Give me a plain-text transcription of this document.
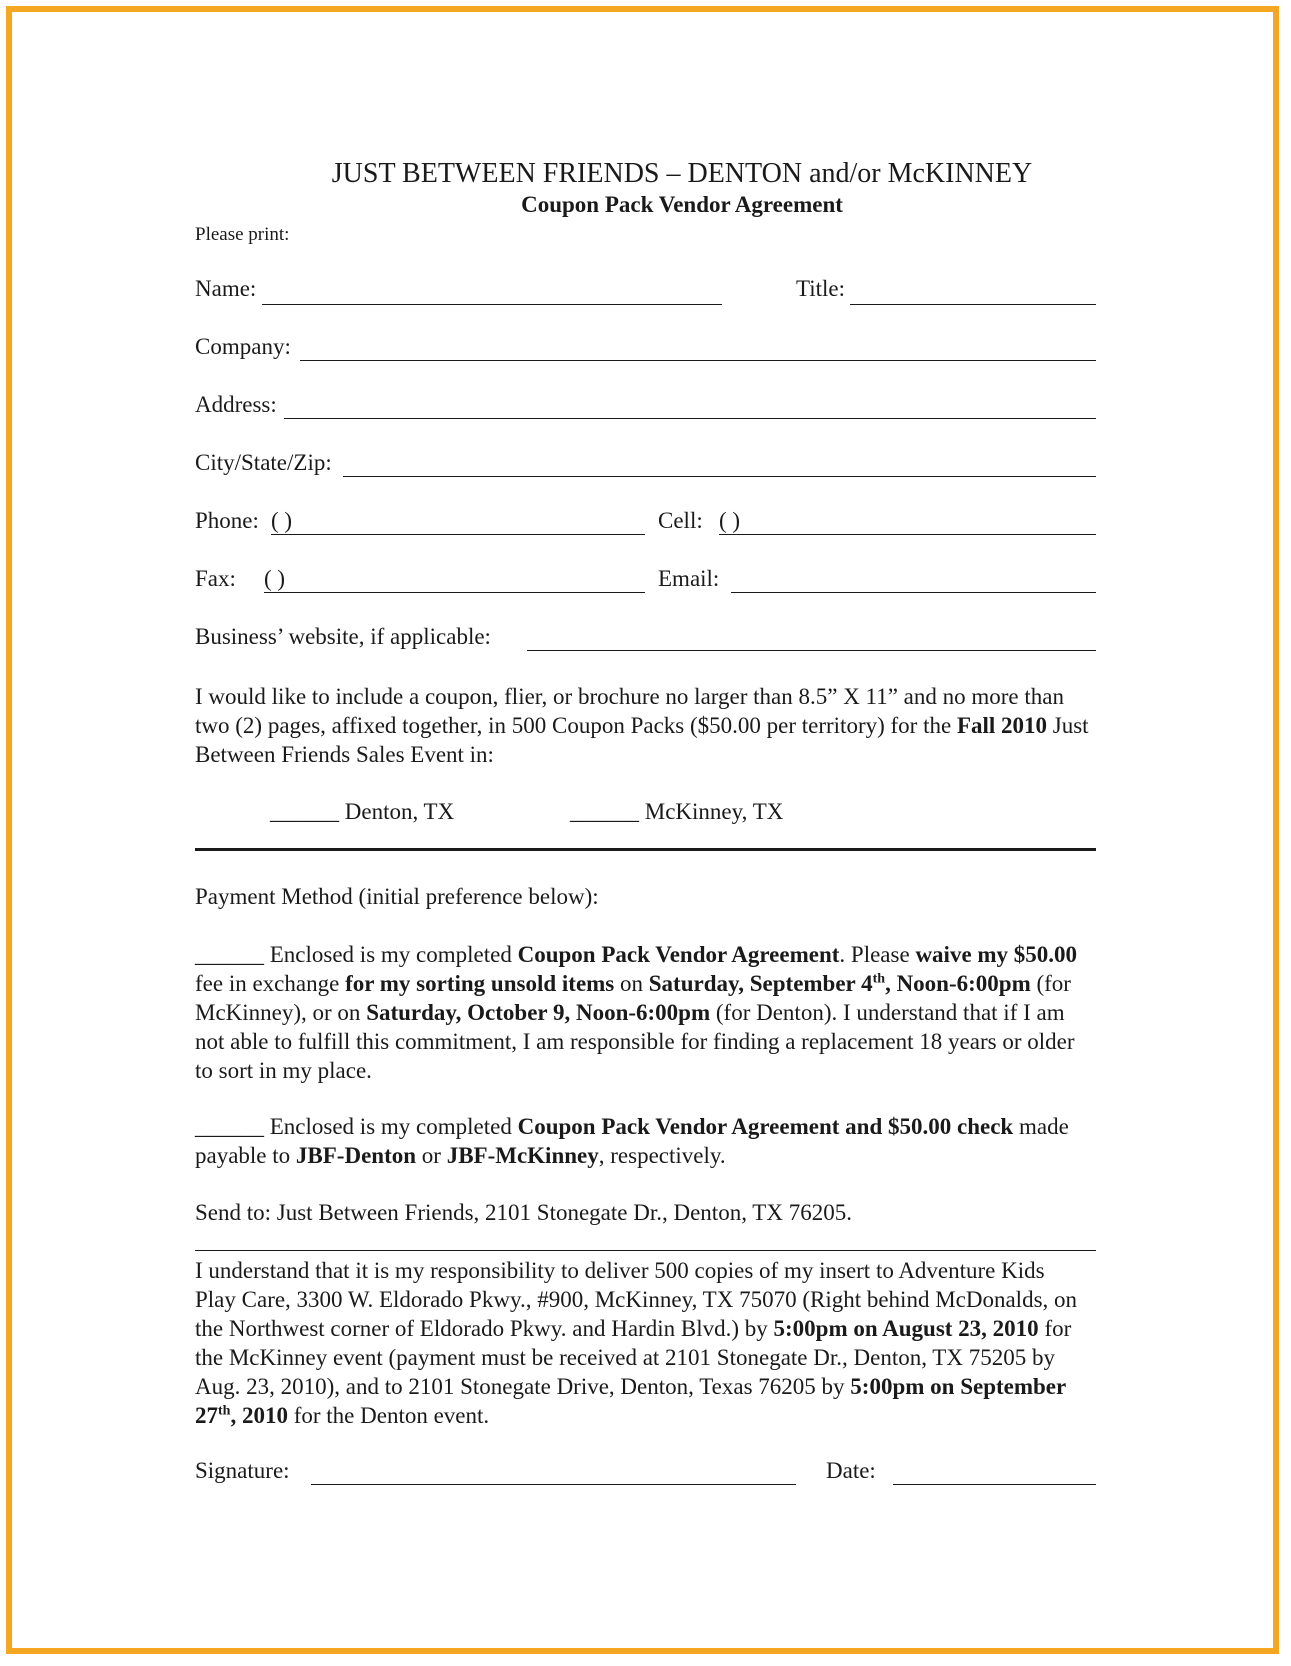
JUST BETWEEN FRIENDS – DENTON and/or McKINNEY
Coupon Pack Vendor Agreement
Please print:
Name:	Title:
Company:
Address:
City/State/Zip:
Phone: ( )	Cell: ( )
Fax: ( )	Email:
Business’ website, if applicable:
I would like to include a coupon, flier, or brochure no larger than 8.5” X 11” and no more than
two (2) pages, affixed together, in 500 Coupon Packs ($50.00 per territory) for the Fall 2010 Just
Between Friends Sales Event in:
______ Denton, TX	______ McKinney, TX
Payment Method (initial preference below):
______ Enclosed is my completed Coupon Pack Vendor Agreement. Please waive my $50.00
fee in exchange for my sorting unsold items on Saturday, September 4th, Noon-6:00pm (for
McKinney), or on Saturday, October 9, Noon-6:00pm (for Denton). I understand that if I am
not able to fulfill this commitment, I am responsible for finding a replacement 18 years or older
to sort in my place.
______ Enclosed is my completed Coupon Pack Vendor Agreement and $50.00 check made
payable to JBF-Denton or JBF-McKinney, respectively.
Send to: Just Between Friends, 2101 Stonegate Dr., Denton, TX 76205.
I understand that it is my responsibility to deliver 500 copies of my insert to Adventure Kids
Play Care, 3300 W. Eldorado Pkwy., #900, McKinney, TX 75070 (Right behind McDonalds, on
the Northwest corner of Eldorado Pkwy. and Hardin Blvd.) by 5:00pm on August 23, 2010 for
the McKinney event (payment must be received at 2101 Stonegate Dr., Denton, TX 75205 by
Aug. 23, 2010), and to 2101 Stonegate Drive, Denton, Texas 76205 by 5:00pm on September
27th, 2010 for the Denton event.
Signature:	Date:
